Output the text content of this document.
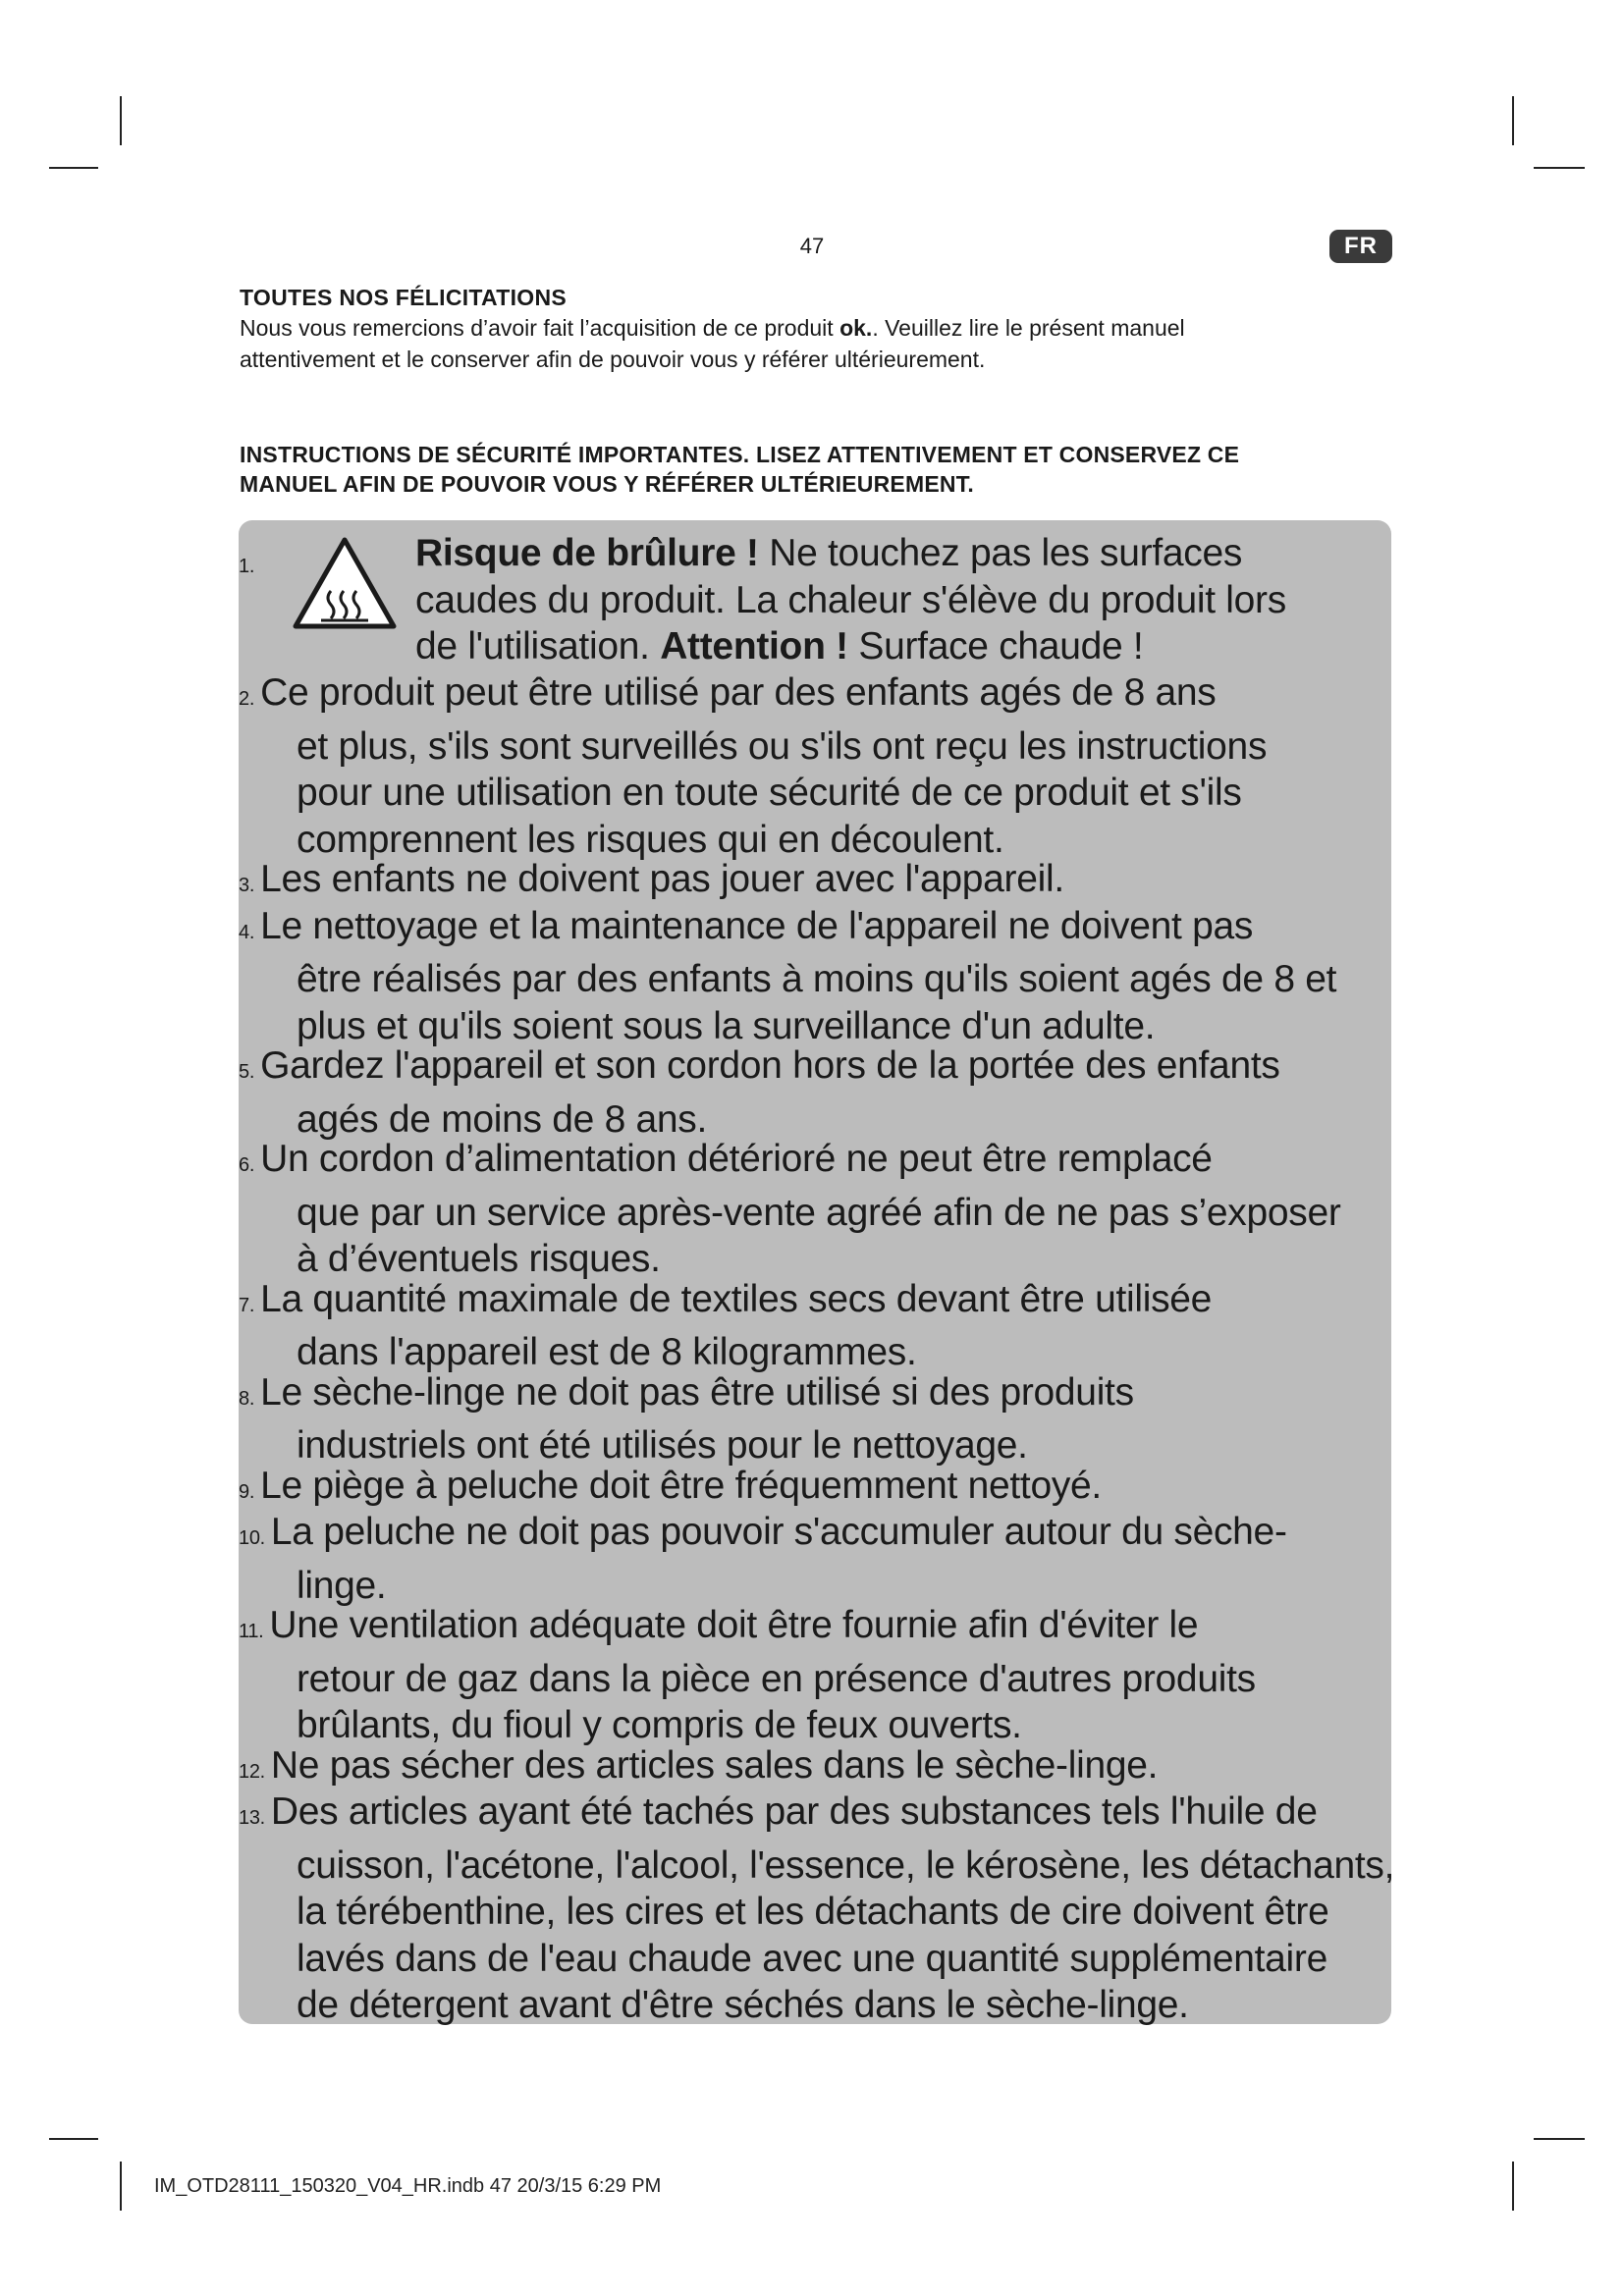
47	FR
TOUTES NOS FÉLICITATIONS
Nous vous remercions d’avoir fait l’acquisition de ce produit ok.. Veuillez lire le présent manuel
attentivement et le conserver afin de pouvoir vous y référer ultérieurement.
INSTRUCTIONS DE SÉCURITÉ IMPORTANTES. LISEZ ATTENTIVEMENT ET CONSERVEZ CE
MANUEL AFIN DE POUVOIR VOUS Y RÉFÉRER ULTÉRIEUREMENT.
1.	Risque de brûlure ! Ne touchez pas les surfaces
caudes du produit. La chaleur s'élève du produit lors
de l'utilisation. Attention ! Surface chaude !
2. Ce produit peut être utilisé par des enfants agés de 8 ans
et plus, s'ils sont surveillés ou s'ils ont reçu les instructions
pour une utilisation en toute sécurité de ce produit et s'ils
comprennent les risques qui en découlent.
3. Les enfants ne doivent pas jouer avec l'appareil.
4. Le nettoyage et la maintenance de l'appareil ne doivent pas
être réalisés par des enfants à moins qu'ils soient agés de 8 et
plus et qu'ils soient sous la surveillance d'un adulte.
5. Gardez l'appareil et son cordon hors de la portée des enfants
agés de moins de 8 ans.
6. Un cordon d’alimentation détérioré ne peut être remplacé
que par un service après-vente agréé afin de ne pas s’exposer
à d’éventuels risques.
7. La quantité maximale de textiles secs devant être utilisée
dans l'appareil est de 8 kilogrammes.
8. Le sèche-linge ne doit pas être utilisé si des produits
industriels ont été utilisés pour le nettoyage.
9. Le piège à peluche doit être fréquemment nettoyé.
10. La peluche ne doit pas pouvoir s'accumuler autour du sèche-
linge.
11. Une ventilation adéquate doit être fournie afin d'éviter le
retour de gaz dans la pièce en présence d'autres produits
brûlants, du fioul y compris de feux ouverts.
12. Ne pas sécher des articles sales dans le sèche-linge.
13. Des articles ayant été tachés par des substances tels l'huile de
cuisson, l'acétone, l'alcool, l'essence, le kérosène, les détachants,
la térébenthine, les cires et les détachants de cire doivent être
lavés dans de l'eau chaude avec une quantité supplémentaire
de détergent avant d'être séchés dans le sèche-linge.
IM_OTD28111_150320_V04_HR.indb 47 20/3/15 6:29 PM
